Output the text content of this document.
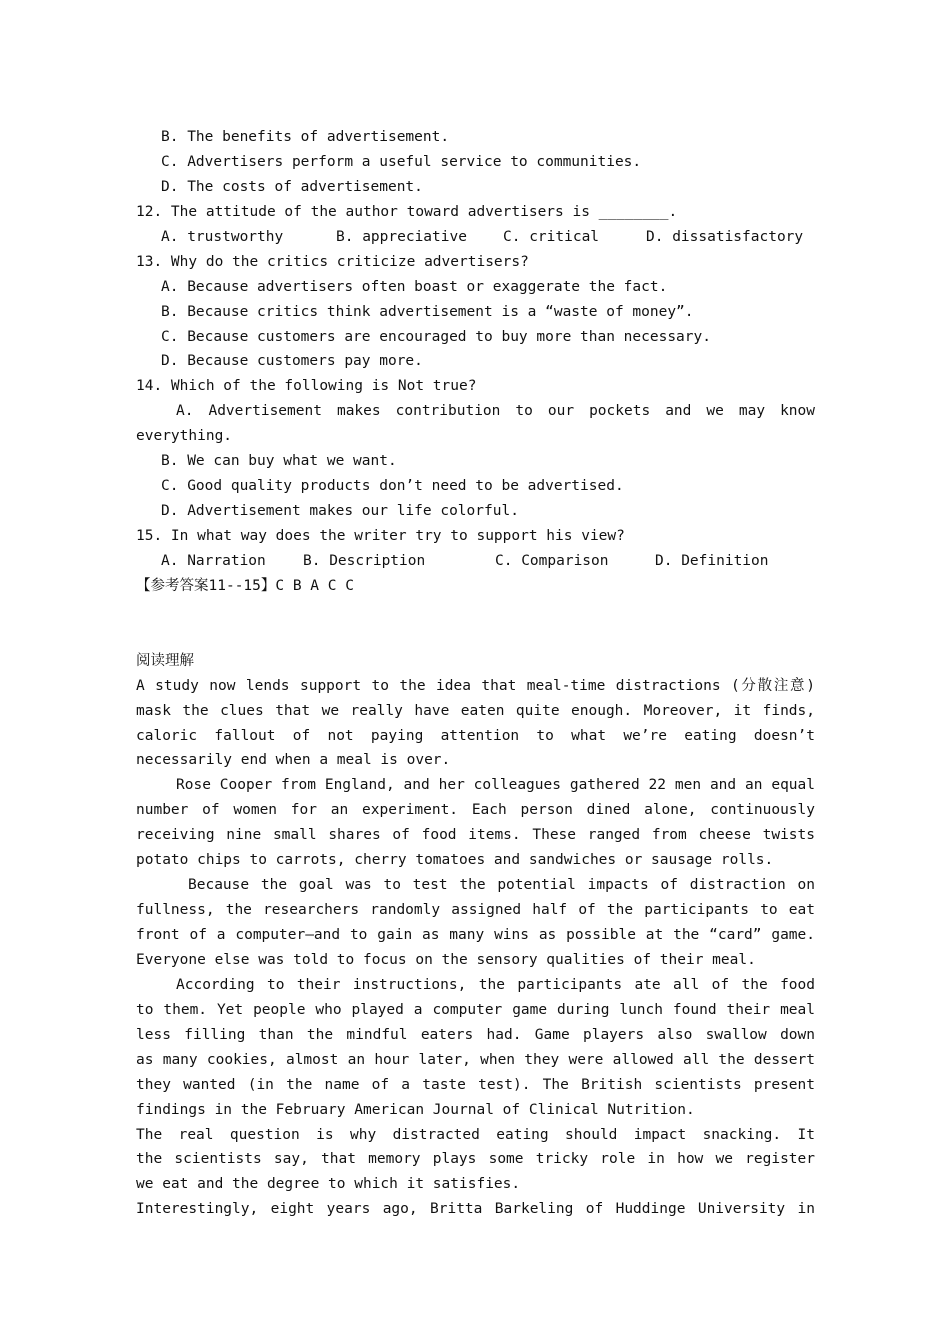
B. The benefits of advertisement.
C. Advertisers perform a useful service to communities.
D. The costs of advertisement.
12. The attitude of the author toward advertisers is ________.
A. trustworthy	B. appreciative	C. critical	D. dissatisfactory
13. Why do the critics criticize advertisers?
A. Because advertisers often boast or exaggerate the fact.
B. Because critics think advertisement is a “waste of money”.
C. Because customers are encouraged to buy more than necessary.
D. Because customers pay more.
14. Which of the following is Not true?
A. Advertisement makes contribution to our pockets and we may know
everything.
B. We can buy what we want.
C. Good quality products don’t need to be advertised.
D. Advertisement makes our life colorful.
15. In what way does the writer try to support his view?
A. Narration	B. Description	C. Comparison	D. Definition
【参考答案11--15】C B A C C
阅读理解
A study now lends support to the idea that meal-time distractions (分散注意)
mask the clues that we really have eaten quite enough. Moreover, it finds,
caloric fallout of not paying attention to what we’re eating doesn’t
necessarily end when a meal is over.
Rose Cooper from England, and her colleagues gathered 22 men and an equal
number of women for an experiment. Each person dined alone, continuously
receiving nine small shares of food items. These ranged from cheese twists
potato chips to carrots, cherry tomatoes and sandwiches or sausage rolls.
Because the goal was to test the potential impacts of distraction on
fullness, the researchers randomly assigned half of the participants to eat
front of a computer—and to gain as many wins as possible at the “card” game.
Everyone else was told to focus on the sensory qualities of their meal.
According to their instructions, the participants ate all of the food
to them. Yet people who played a computer game during lunch found their meal
less filling than the mindful eaters had. Game players also swallow down
as many cookies, almost an hour later, when they were allowed all the dessert
they wanted (in the name of a taste test). The British scientists present
findings in the February American Journal of Clinical Nutrition.
The real question is why distracted eating should impact snacking. It
the scientists say, that memory plays some tricky role in how we register
we eat and the degree to which it satisfies.
Interestingly, eight years ago, Britta Barkeling of Huddinge University in
